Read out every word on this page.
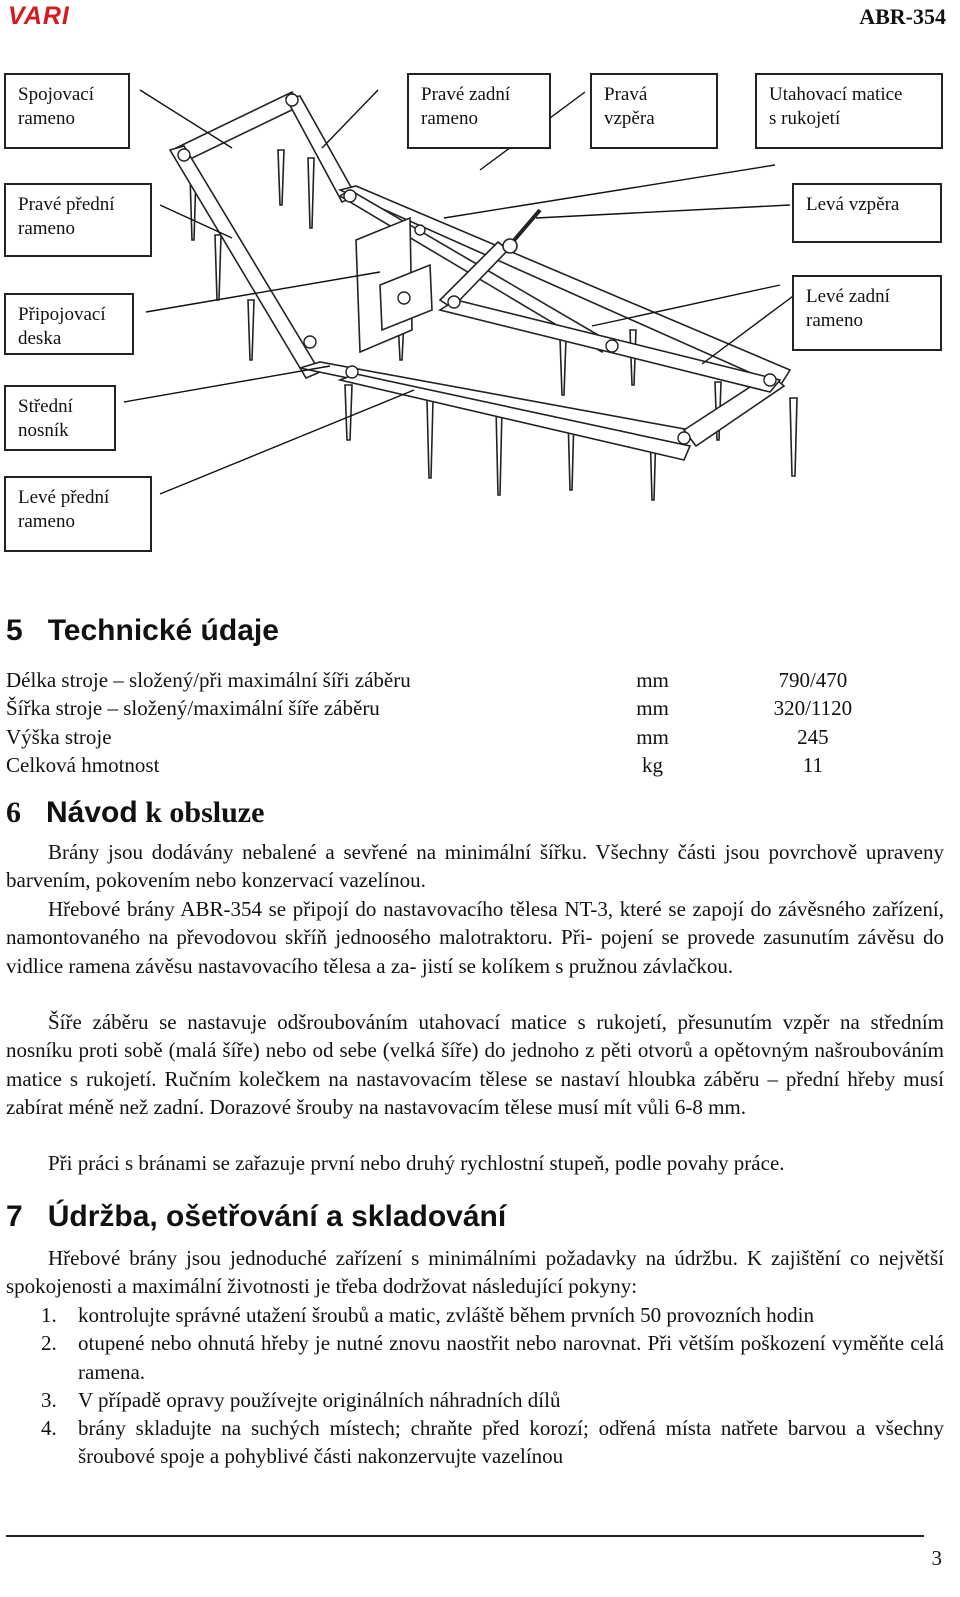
VARI	ABR-354
Spojovací
rameno
Pravé zadní
rameno
Pravá
vzpěra
Utahovací matice
s rukojetí
Pravé přední
rameno
Levá vzpěra
Připojovací
deska
Levé zadní
rameno
Střední
nosník
Levé přední
rameno
5 Technické údaje
Délka stroje – složený/při maximální šíři záběru	mm	790/470
Šířka stroje – složený/maximální šíře záběru	mm	320/1120
Výška stroje	mm	245
Celková hmotnost	kg	11
6 Návod k obsluze

Brány jsou dodávány nebalené a sevřené na minimální šířku. Všechny části jsou povrchově upraveny barvením, pokovením nebo konzervací vazelínou.

Hřebové brány ABR-354 se připojí do nastavovacího tělesa NT-3, které se zapojí do závěsného zařízení, namontovaného na převodovou skříň jednoosého malotraktoru. Při- pojení se provede zasunutím závěsu do vidlice ramena závěsu nastavovacího tělesa a za- jistí se kolíkem s pružnou závlačkou.

Šíře záběru se nastavuje odšroubováním utahovací matice s rukojetí, přesunutím vzpěr na středním nosníku proti sobě (malá šíře) nebo od sebe (velká šíře) do jednoho z pěti otvorů a opětovným našroubováním matice s rukojetí. Ručním kolečkem na nastavovacím tělese se nastaví hloubka záběru – přední hřeby musí zabírat méně než zadní. Dorazové šrouby na nastavovacím tělese musí mít vůli 6-8 mm.

Při práci s bránami se zařazuje první nebo druhý rychlostní stupeň, podle povahy práce.

7 Údržba, ošetřování a skladování

Hřebové brány jsou jednoduché zařízení s minimálními požadavky na údržbu. K zajištění co největší spokojenosti a maximální životnosti je třeba dodržovat následující pokyny:

1. kontrolujte správné utažení šroubů a matic, zvláště během prvních 50 provozních hodin
2. otupené nebo ohnutá hřeby je nutné znovu naostřit nebo narovnat. Při větším poškození vyměňte celá ramena.
3. V případě opravy používejte originálních náhradních dílů
4. brány skladujte na suchých místech; chraňte před korozí; odřená místa natřete barvou a všechny šroubové spoje a pohyblivé části nakonzervujte vazelínou
3
